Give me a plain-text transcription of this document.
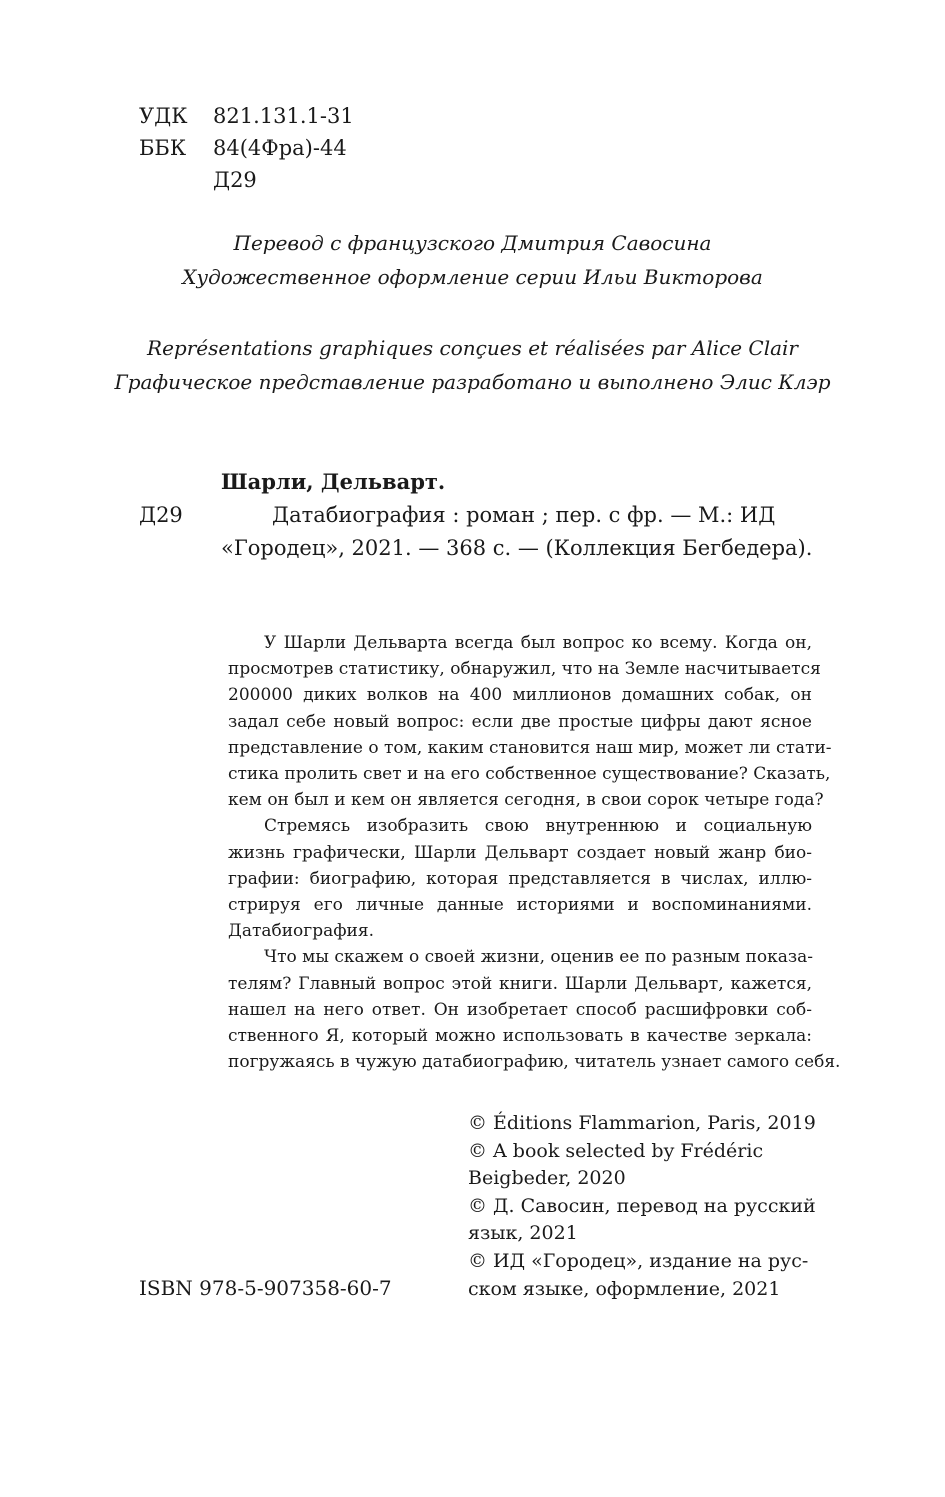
УДК 821.131.1-31
ББК 84(4Фра)-44
Д29
Перевод с французского Дмитрия Савосина
Художественное оформление серии Ильи Викторова
Représentations graphiques conçues et réalisées par Alice Clair
Графическое представление разработано и выполнено Элис Клэр
Шарли, Дельварт.
Д29	Датабиография : роман ; пер. с фр. — М.: ИД
«Городец», 2021. — 368 с. — (Коллекция Бегбедера).
У Шарли Дельварта всегда был вопрос ко всему. Когда он,
просмотрев статистику, обнаружил, что на Земле насчитывается
200000 диких волков на 400 миллионов домашних собак, он
задал себе новый вопрос: если две простые цифры дают ясное
представление о том, каким становится наш мир, может ли стати-
стика пролить свет и на его собственное существование? Сказать,
кем он был и кем он является сегодня, в свои сорок четыре года?
Стремясь изобразить свою внутреннюю и социальную
жизнь графически, Шарли Дельварт создает новый жанр био-
графии: биографию, которая представляется в числах, иллю-
стрируя его личные данные историями и воспоминаниями.
Датабиография.
Что мы скажем о своей жизни, оценив ее по разным показа-
телям? Главный вопрос этой книги. Шарли Дельварт, кажется,
нашел на него ответ. Он изобретает способ расшифровки соб-
ственного Я, который можно использовать в качестве зеркала:
погружаясь в чужую датабиографию, читатель узнает самого себя.
© Éditions Flammarion, Paris, 2019
© A book selected by Frédéric
Beigbeder, 2020
© Д. Савосин, перевод на русский
язык, 2021
© ИД «Городец», издание на рус-
ском языке, оформление, 2021
ISBN 978-5-907358-60-7
